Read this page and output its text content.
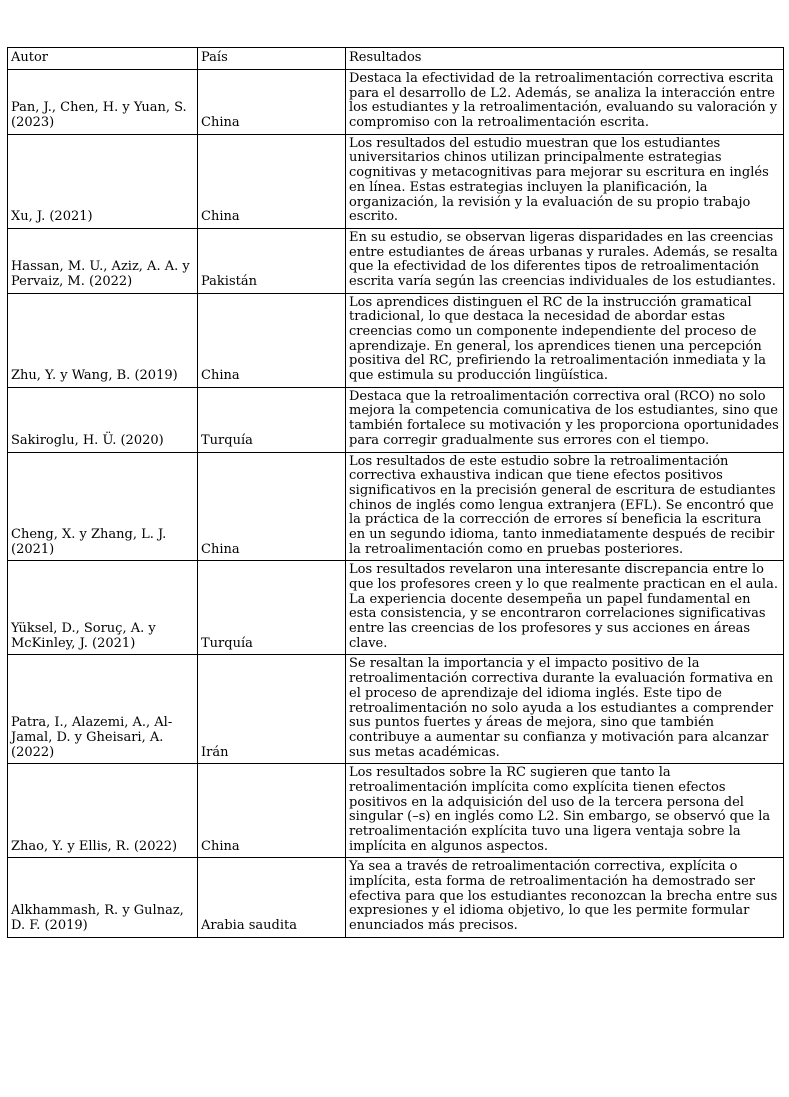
Autor	País	Resultados
Pan, J., Chen, H. y Yuan, S. (2023)	China	Destaca la efectividad de la retroalimentación correctiva escrita para el desarrollo de L2. Además, se analiza la interacción entre los estudiantes y la retroalimentación, evaluando su valoración y compromiso con la retroalimentación escrita.
Xu, J. (2021)	China	Los resultados del estudio muestran que los estudiantes universitarios chinos utilizan principalmente estrategias cognitivas y metacognitivas para mejorar su escritura en inglés en línea. Estas estrategias incluyen la planificación, la organización, la revisión y la evaluación de su propio trabajo escrito.
Hassan, M. U., Aziz, A. A. y Pervaiz, M. (2022)	Pakistán	En su estudio, se observan ligeras disparidades en las creencias entre estudiantes de áreas urbanas y rurales. Además, se resalta que la efectividad de los diferentes tipos de retroalimentación escrita varía según las creencias individuales de los estudiantes.
Zhu, Y. y Wang, B. (2019)	China	Los aprendices distinguen el RC de la instrucción gramatical tradicional, lo que destaca la necesidad de abordar estas creencias como un componente independiente del proceso de aprendizaje. En general, los aprendices tienen una percepción positiva del RC, prefiriendo la retroalimentación inmediata y la que estimula su producción lingüística.
Sakiroglu, H. Ü. (2020)	Turquía	Destaca que la retroalimentación correctiva oral (RCO) no solo mejora la competencia comunicativa de los estudiantes, sino que también fortalece su motivación y les proporciona oportunidades para corregir gradualmente sus errores con el tiempo.
Cheng, X. y Zhang, L. J. (2021)	China	Los resultados de este estudio sobre la retroalimentación correctiva exhaustiva indican que tiene efectos positivos significativos en la precisión general de escritura de estudiantes chinos de inglés como lengua extranjera (EFL). Se encontró que la práctica de la corrección de errores sí beneficia la escritura en un segundo idioma, tanto inmediatamente después de recibir la retroalimentación como en pruebas posteriores.
Yüksel, D., Soruç, A. y McKinley, J. (2021)	Turquía	Los resultados revelaron una interesante discrepancia entre lo que los profesores creen y lo que realmente practican en el aula. La experiencia docente desempeña un papel fundamental en esta consistencia, y se encontraron correlaciones significativas entre las creencias de los profesores y sus acciones en áreas clave.
Patra, I., Alazemi, A., Al-Jamal, D. y Gheisari, A. (2022)	Irán	Se resaltan la importancia y el impacto positivo de la retroalimentación correctiva durante la evaluación formativa en el proceso de aprendizaje del idioma inglés. Este tipo de retroalimentación no solo ayuda a los estudiantes a comprender sus puntos fuertes y áreas de mejora, sino que también contribuye a aumentar su confianza y motivación para alcanzar sus metas académicas.
Zhao, Y. y Ellis, R. (2022)	China	Los resultados sobre la RC sugieren que tanto la retroalimentación implícita como explícita tienen efectos positivos en la adquisición del uso de la tercera persona del singular (–s) en inglés como L2. Sin embargo, se observó que la retroalimentación explícita tuvo una ligera ventaja sobre la implícita en algunos aspectos.
Alkhammash, R. y Gulnaz, D. F. (2019)	Arabia saudita	Ya sea a través de retroalimentación correctiva, explícita o implícita, esta forma de retroalimentación ha demostrado ser efectiva para que los estudiantes reconozcan la brecha entre sus expresiones y el idioma objetivo, lo que les permite formular enunciados más precisos.
